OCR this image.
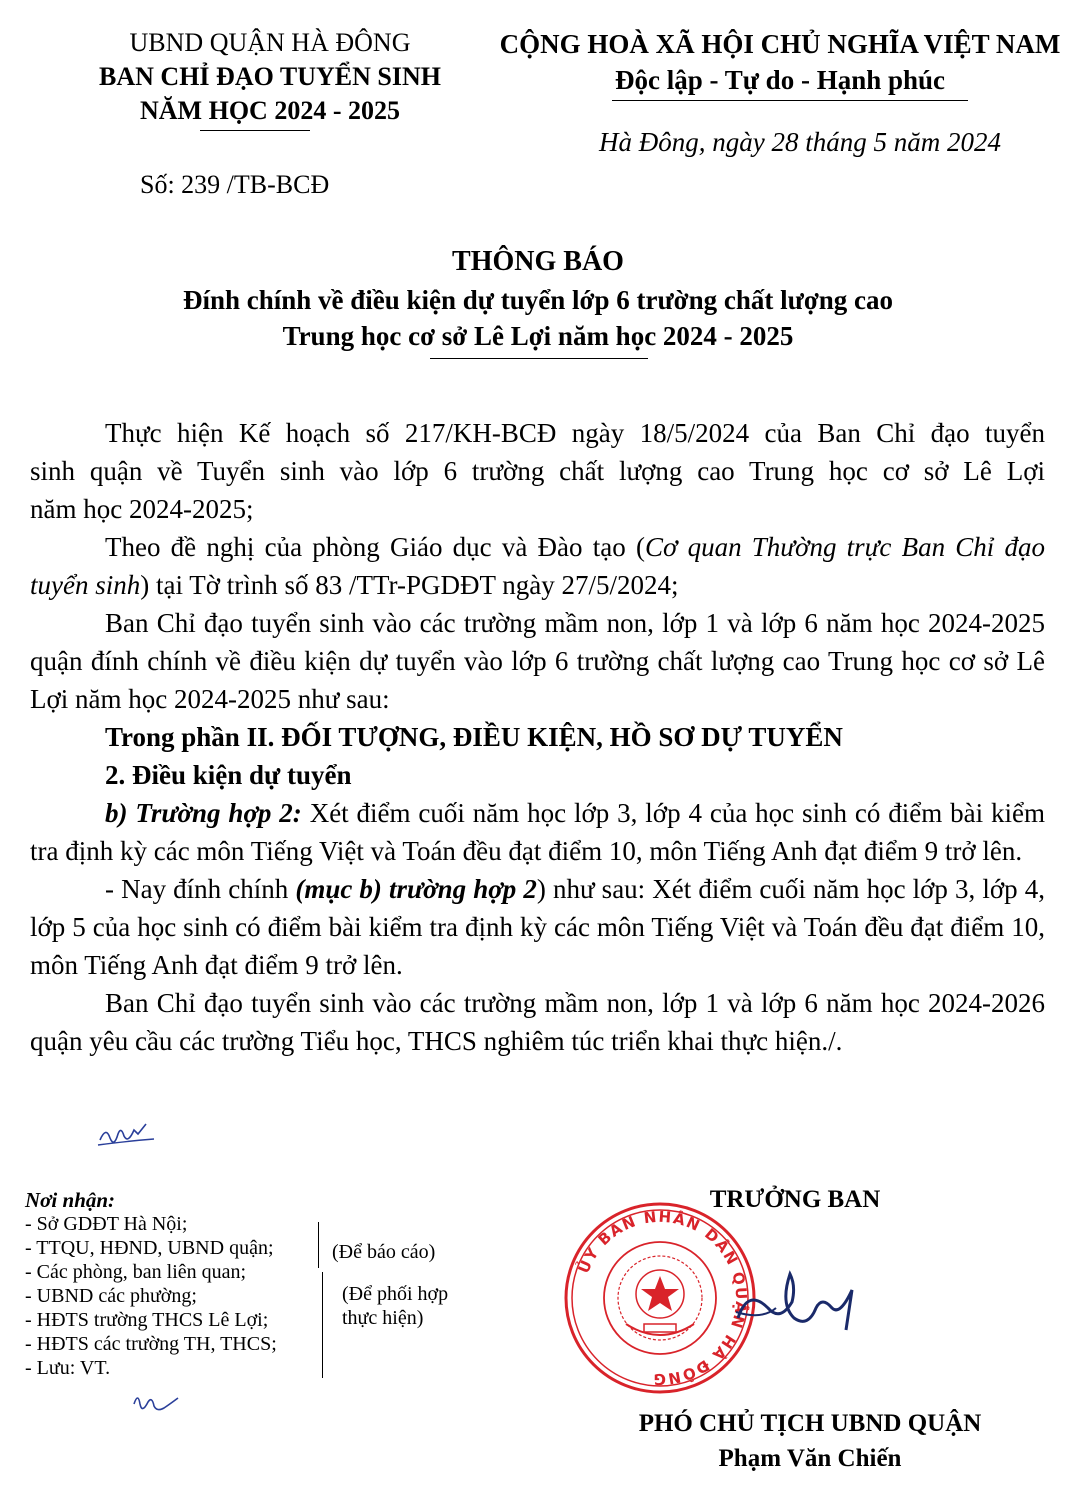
UBND QUẬN HÀ ĐÔNG
BAN CHỈ ĐẠO TUYỂN SINH
NĂM HỌC 2024 - 2025
Số: 239 /TB-BCĐ
CỘNG HOÀ XÃ HỘI CHỦ NGHĨA VIỆT NAM
Độc lập - Tự do - Hạnh phúc
Hà Đông, ngày 28 tháng 5 năm 2024
THÔNG BÁO
Đính chính về điều kiện dự tuyển lớp 6 trường chất lượng cao
Trung học cơ sở Lê Lợi năm học 2024 - 2025

Thực hiện Kế hoạch số 217/KH-BCĐ ngày 18/5/2024 của Ban Chỉ đạo tuyển

sinh quận về Tuyển sinh vào lớp 6 trường chất lượng cao Trung học cơ sở Lê Lợi

năm học 2024-2025;

Theo đề nghị của phòng Giáo dục và Đào tạo (Cơ quan Thường trực Ban Chỉ đạo tuyển sinh) tại Tờ trình số 83 /TTr-PGDĐT ngày 27/5/2024;

Ban Chỉ đạo tuyển sinh vào các trường mầm non, lớp 1 và lớp 6 năm học 2024-2025 quận đính chính về điều kiện dự tuyển vào lớp 6 trường chất lượng cao Trung học cơ sở Lê Lợi năm học 2024-2025 như sau:

Trong phần II. ĐỐI TƯỢNG, ĐIỀU KIỆN, HỒ SƠ DỰ TUYỂN

2. Điều kiện dự tuyển

b) Trường hợp 2: Xét điểm cuối năm học lớp 3, lớp 4 của học sinh có điểm bài kiểm tra định kỳ các môn Tiếng Việt và Toán đều đạt điểm 10, môn Tiếng Anh đạt điểm 9 trở lên.

- Nay đính chính (mục b) trường hợp 2) như sau: Xét điểm cuối năm học lớp 3, lớp 4, lớp 5 của học sinh có điểm bài kiểm tra định kỳ các môn Tiếng Việt và Toán đều đạt điểm 10, môn Tiếng Anh đạt điểm 9 trở lên.

Ban Chỉ đạo tuyển sinh vào các trường mầm non, lớp 1 và lớp 6 năm học 2024-2026 quận yêu cầu các trường Tiểu học, THCS nghiêm túc triển khai thực hiện./.

Nơi nhận:
- Sở GDĐT Hà Nội;
- TTQU, HĐND, UBND quận;
- Các phòng, ban liên quan;
- UBND các phường;
- HĐTS trường THCS Lê Lợi;
- HĐTS các trường TH, THCS;
- Lưu: VT.
(Để báo cáo)
(Để phối hợp
thực hiện)
TRƯỞNG BAN
ỦY BAN NHÂN DÂN QUẬN HÀ ĐÔNG
PHÓ CHỦ TỊCH UBND QUẬN
Phạm Văn Chiến
